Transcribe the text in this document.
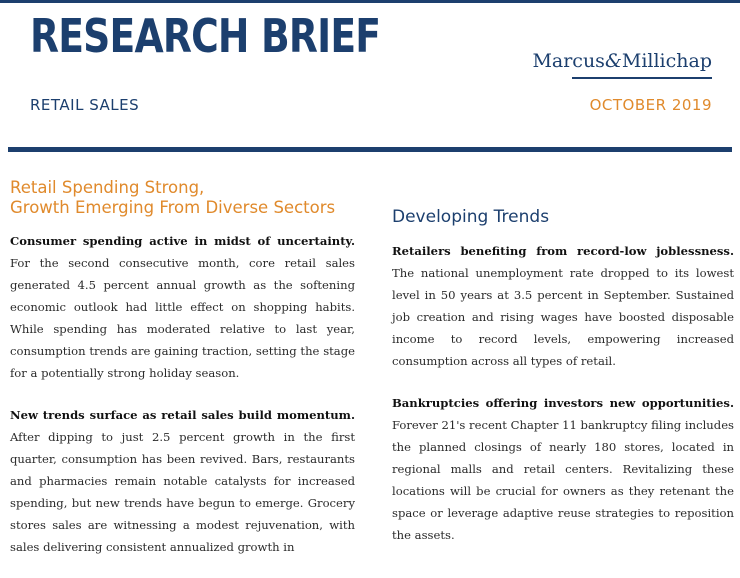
RESEARCH BRIEF	Marcus&Millichap
RETAIL SALES	OCTOBER 2019
Retail Spending Strong,
Growth Emerging From Diverse Sectors

Consumer spending active in midst of uncertainty. For the second consecutive month, core retail sales generated 4.5 percent annual growth as the softening economic outlook had little effect on shopping habits. While spending has moderated relative to last year, consumption trends are gaining traction, setting the stage for a potentially strong holiday season.

New trends surface as retail sales build momentum. After dipping to just 2.5 percent growth in the first quarter, consumption has been revived. Bars, restaurants and pharmacies remain notable catalysts for increased spending, but new trends have begun to emerge. Grocery stores sales are witnessing a modest rejuvenation, with sales delivering consistent annualized growth in

Developing Trends

Retailers benefiting from record-low joblessness. The national unemployment rate dropped to its lowest level in 50 years at 3.5 percent in September. Sustained job creation and rising wages have boosted disposable income to record levels, empowering increased consumption across all types of retail.

Bankruptcies offering investors new opportunities. Forever 21's recent Chapter 11 bankruptcy filing includes the planned closings of nearly 180 stores, located in regional malls and retail centers. Revitalizing these locations will be crucial for owners as they retenant the space or leverage adaptive reuse strategies to reposition the assets.
